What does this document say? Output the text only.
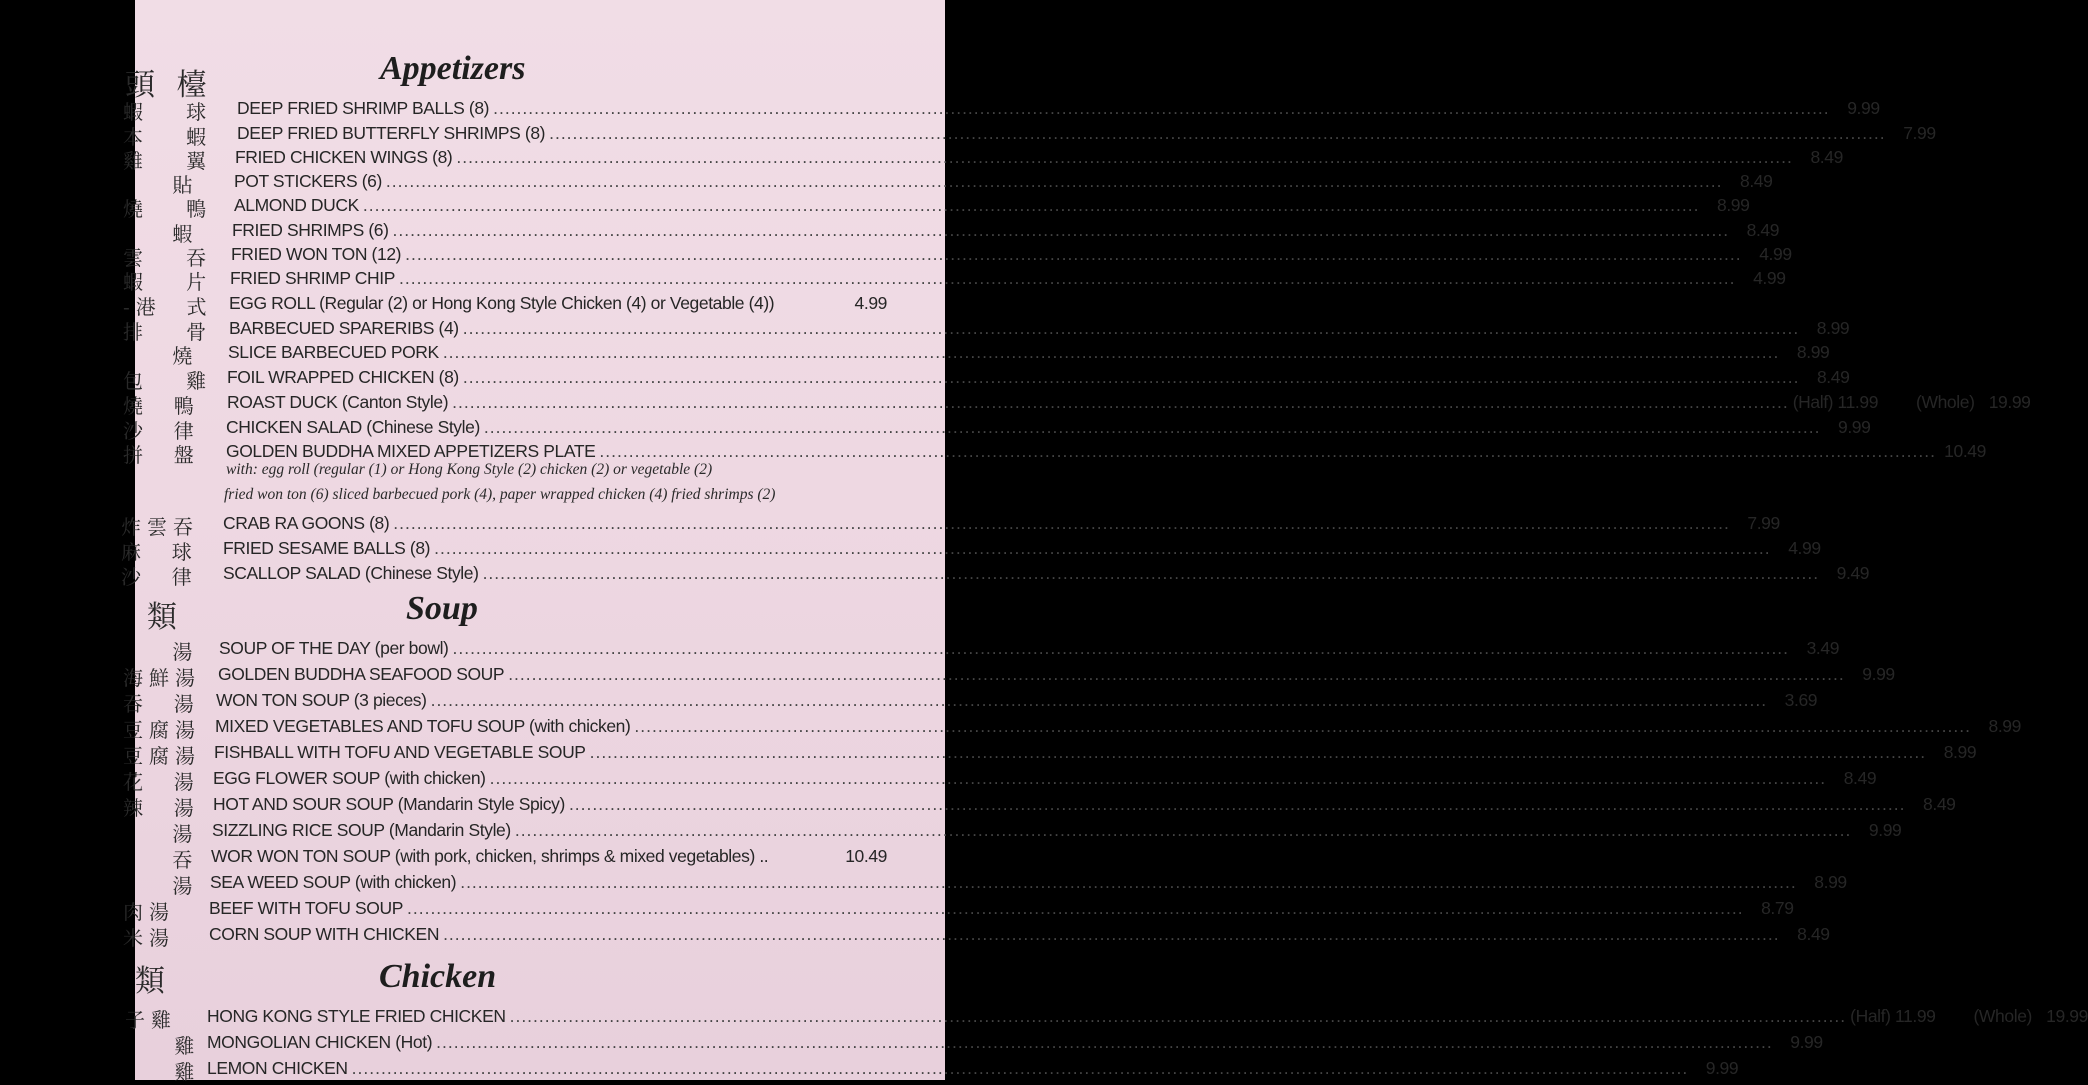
Appetizers
頭 檯
蝦   球 DEEP FRIED SHRIMP BALLS (8) .....	9.99
本   蝦 DEEP FRIED BUTTERFLY SHRIMPS (8) .....	7.99
雞   翼 FRIED CHICKEN WINGS (8) .....	8.49
貼 POT STICKERS (6) .....	8.49
燒   鴨 ALMOND DUCK .....	8.99
蝦 FRIED SHRIMPS (6) .....	8.49
雲   吞 FRIED WON TON (12) .....	4.99
蝦   片 FRIED SHRIMP CHIP .....	4.99
-港  式 EGG ROLL (Regular (2) or Hong Kong Style Chicken (4) or Vegetable (4))	4.99
排   骨 BARBECUED SPARERIBS (4) .....	8.99
燒 SLICE BARBECUED PORK .....	8.99
包   雞 FOIL WRAPPED CHICKEN (8) .....	8.49
燒  鴨 ROAST DUCK (Canton Style) .....	(Half) 11.99 (Whole) 19.99
沙  律 CHICKEN SALAD (Chinese Style) .....	9.99
拼  盤 GOLDEN BUDDHA MIXED APPETIZERS PLATE .....	10.49
with: egg roll (regular (1) or Hong Kong Style (2) chicken (2) or vegetable (2)
fried won ton (6) sliced barbecued pork (4), paper wrapped chicken (4) fried shrimps (2)
炸雲吞 CRAB RA GOONS (8) .....	7.99
麻  球 FRIED SESAME BALLS (8) .....	4.99
沙  律 SCALLOP SALAD (Chinese Style) .....	9.49
Soup
類
湯 SOUP OF THE DAY (per bowl) .....	3.49
海鮮湯 GOLDEN BUDDHA SEAFOOD SOUP .....	9.99
吞  湯 WON TON SOUP (3 pieces) .....	3.69
豆腐湯 MIXED VEGETABLES AND TOFU SOUP (with chicken) .....	8.99
豆腐湯 FISHBALL WITH TOFU AND VEGETABLE SOUP .....	8.99
花  湯 EGG FLOWER SOUP (with chicken) .....	8.49
辣  湯 HOT AND SOUR SOUP (Mandarin Style Spicy) .....	8.49
湯 SIZZLING RICE SOUP (Mandarin Style) .....	9.99
吞 WOR WON TON SOUP (with pork, chicken, shrimps & mixed vegetables) ..	10.49
湯 SEA WEED SOUP (with chicken) .....	8.99
肉湯 BEEF WITH TOFU SOUP .....	8.79
米湯 CORN SOUP WITH CHICKEN .....	8.49
Chicken
類
子雞 HONG KONG STYLE FRIED CHICKEN .....	(Half) 11.99 (Whole) 19.99
雞 MONGOLIAN CHICKEN (Hot) .....	9.99
雞 LEMON CHICKEN .....	9.99
